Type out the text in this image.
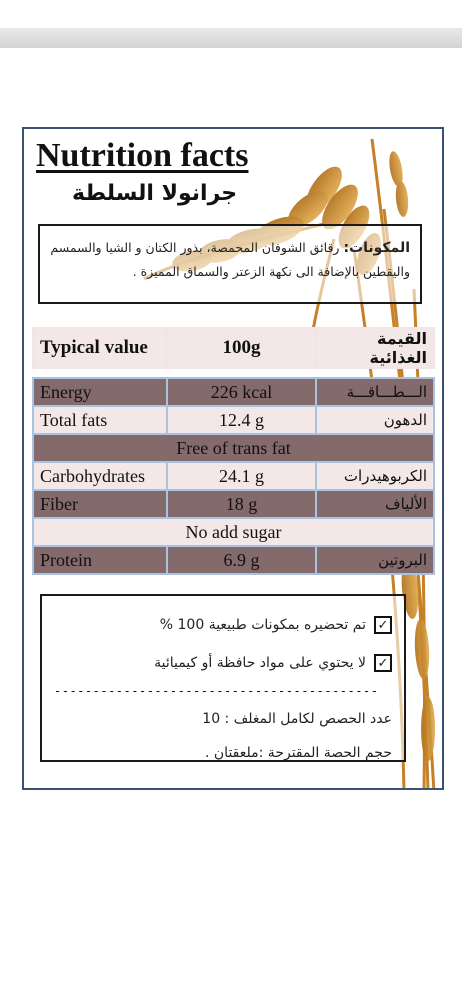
Nutrition facts
جرانولا السلطة
المكونات: رقائق الشوفان المحمصة، بذور الكتان و الشيا والسمسم واليقطين بالإضافة الى نكهة الزعتر والسماق المميزة .
Typical value	100g	القيمة الغذائية

Energy	226 kcal	الـــطـــاقـــة
Total fats	12.4 g	الدهون
Free of trans fat		
Carbohydrates	24.1 g	الكربوهيدرات
Fiber	18 g	الألياف
No add sugar		
Protein	6.9 g	البروتين
✓
تم تحضيره بمكونات طبيعية 100 %
✓
لا يحتوي على مواد حافظة أو كيميائية
------------------------------------------
عدد الحصص لكامل المغلف : 10
حجم الحصة المقترحة :ملعقتان .
